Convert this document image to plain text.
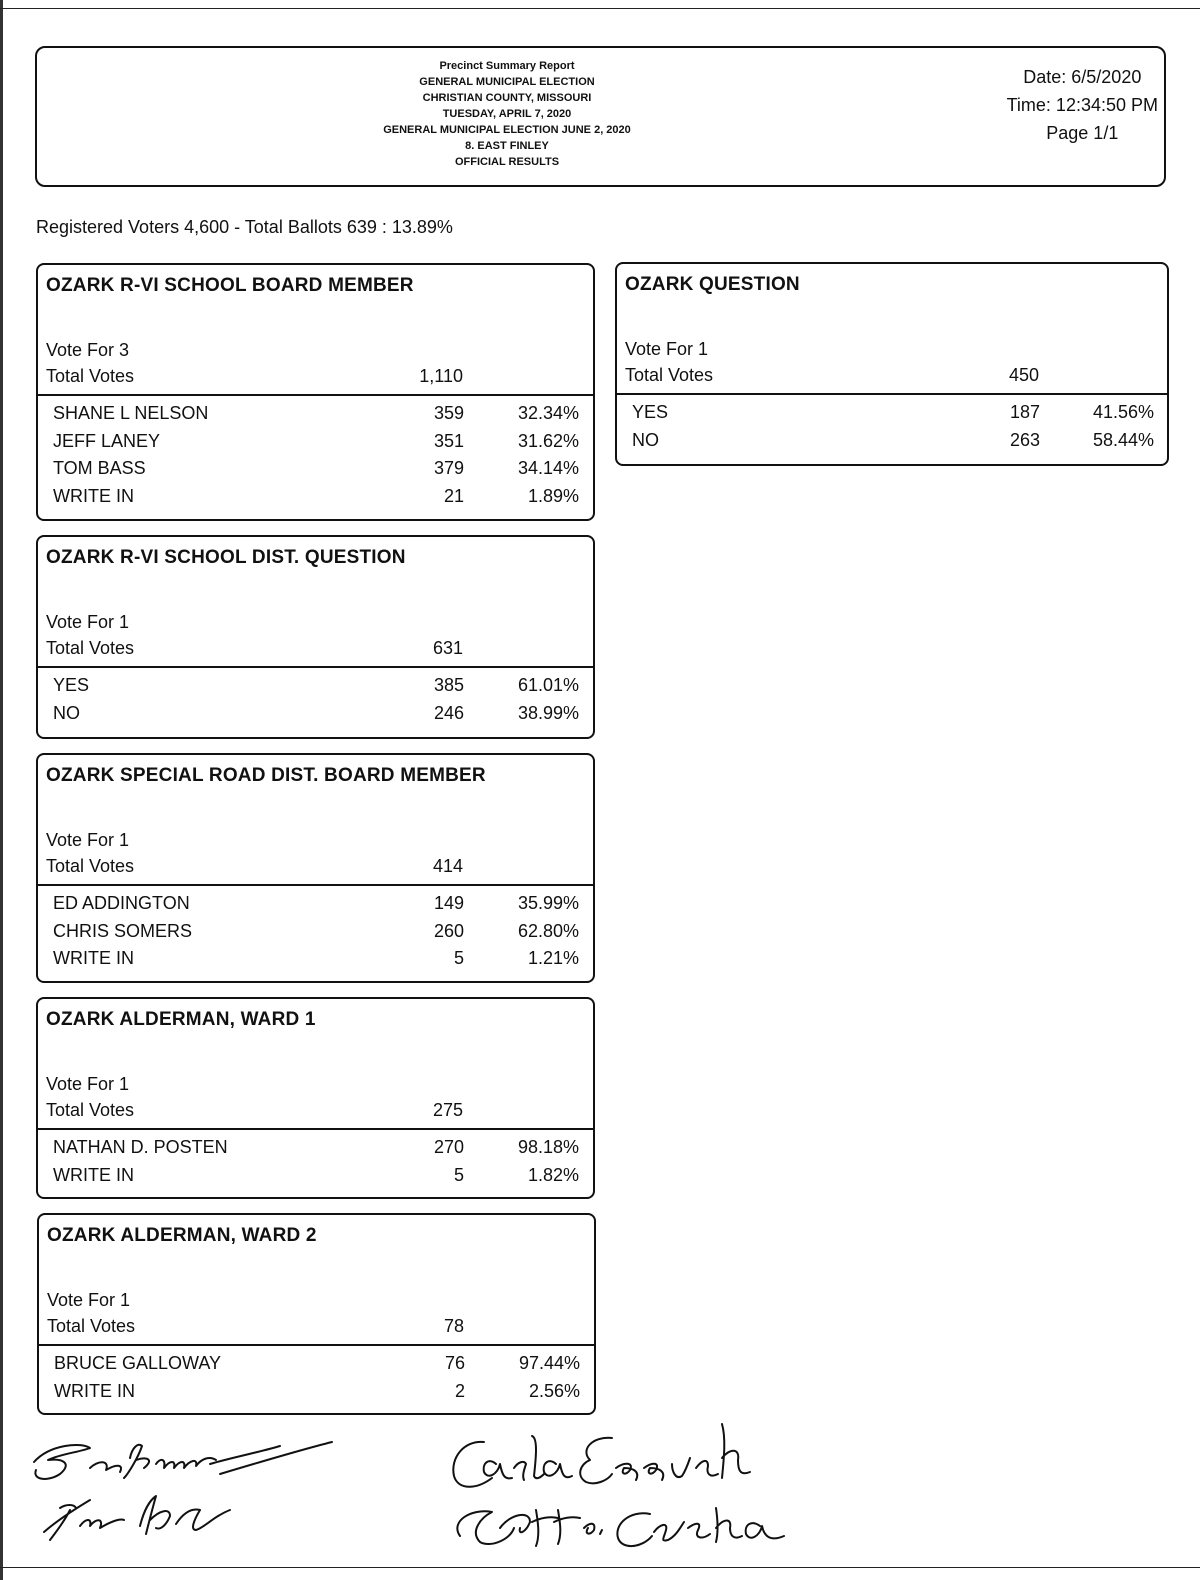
Precinct Summary Report
GENERAL MUNICIPAL ELECTION
CHRISTIAN COUNTY, MISSOURI
TUESDAY, APRIL 7, 2020
GENERAL MUNICIPAL ELECTION JUNE 2, 2020
8. EAST FINLEY
OFFICIAL RESULTS
Date: 6/5/2020
Time: 12:34:50 PM
Page 1/1
Registered Voters 4,600 - Total Ballots 639 : 13.89%
OZARK R-VI SCHOOL BOARD MEMBER
Vote For 3
Total Votes	1,110
SHANE L NELSON	359	32.34%
JEFF LANEY	351	31.62%
TOM BASS	379	34.14%
WRITE IN	21	1.89%
OZARK R-VI SCHOOL DIST. QUESTION
Vote For 1
Total Votes	631
YES	385	61.01%
NO	246	38.99%
OZARK SPECIAL ROAD DIST. BOARD MEMBER
Vote For 1
Total Votes	414
ED ADDINGTON	149	35.99%
CHRIS SOMERS	260	62.80%
WRITE IN	5	1.21%
OZARK ALDERMAN, WARD 1
Vote For 1
Total Votes	275
NATHAN D. POSTEN	270	98.18%
WRITE IN	5	1.82%
OZARK ALDERMAN, WARD 2
Vote For 1
Total Votes	78
BRUCE GALLOWAY	76	97.44%
WRITE IN	2	2.56%
OZARK QUESTION
Vote For 1
Total Votes	450
YES	187	41.56%
NO	263	58.44%
